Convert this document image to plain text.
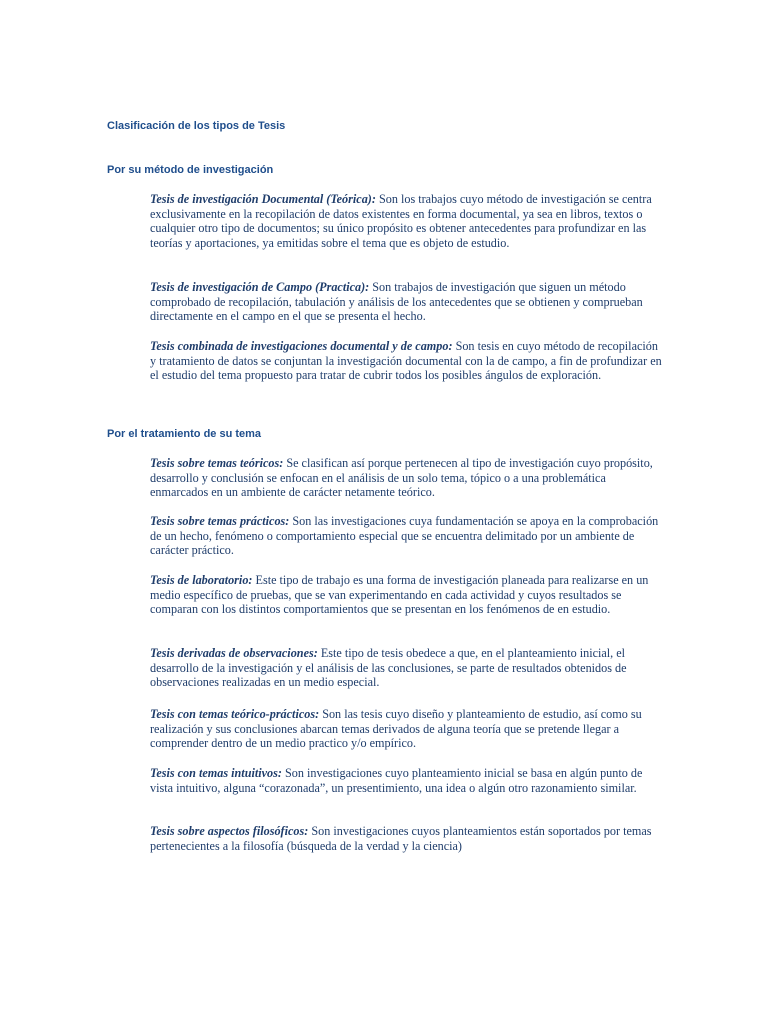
Clasificación de los tipos de Tesis
Por su método de investigación
Tesis de investigación Documental (Teórica): Son los trabajos cuyo método de investigación se centra exclusivamente en la recopilación de datos existentes en forma documental, ya sea en libros, textos o cualquier otro tipo de documentos; su único propósito es obtener antecedentes para profundizar en las teorías y aportaciones, ya emitidas sobre el tema que es objeto de estudio.
Tesis de investigación de Campo (Practica): Son trabajos de investigación que siguen un método comprobado de recopilación, tabulación y análisis de los antecedentes que se obtienen y comprueban directamente en el campo en el que se presenta el hecho.
Tesis combinada de investigaciones documental y de campo: Son tesis en cuyo método de recopilación y tratamiento de datos se conjuntan la investigación documental con la de campo, a fin de profundizar en el estudio del tema propuesto para tratar de cubrir todos los posibles ángulos de exploración.
Por el tratamiento de su tema
Tesis sobre temas teóricos: Se clasifican así porque pertenecen al tipo de investigación cuyo propósito, desarrollo y conclusión se enfocan en el análisis de un solo tema, tópico o a una problemática enmarcados en un ambiente de carácter netamente teórico.
Tesis sobre temas prácticos: Son las investigaciones cuya fundamentación se apoya en la comprobación de un hecho, fenómeno o comportamiento especial que se encuentra delimitado por un ambiente de carácter práctico.
Tesis de laboratorio: Este tipo de trabajo es una forma de investigación planeada para realizarse en un medio específico de pruebas, que se van experimentando en cada actividad y cuyos resultados se comparan con los distintos comportamientos que se presentan en los fenómenos de en estudio.
Tesis derivadas de observaciones: Este tipo de tesis obedece a que, en el planteamiento inicial, el desarrollo de la investigación y el análisis de las conclusiones, se parte de resultados obtenidos de observaciones realizadas en un medio especial.
Tesis con temas teórico-prácticos: Son las tesis cuyo diseño y planteamiento de estudio, así como su realización y sus conclusiones abarcan temas derivados de alguna teoría que se pretende llegar a comprender dentro de un medio practico y/o empírico.
Tesis con temas intuitivos: Son investigaciones cuyo planteamiento inicial se basa en algún punto de vista intuitivo, alguna “corazonada”, un presentimiento, una idea o algún otro razonamiento similar.
Tesis sobre aspectos filosóficos: Son investigaciones cuyos planteamientos están soportados por temas pertenecientes a la filosofía (búsqueda de la verdad y la ciencia)
